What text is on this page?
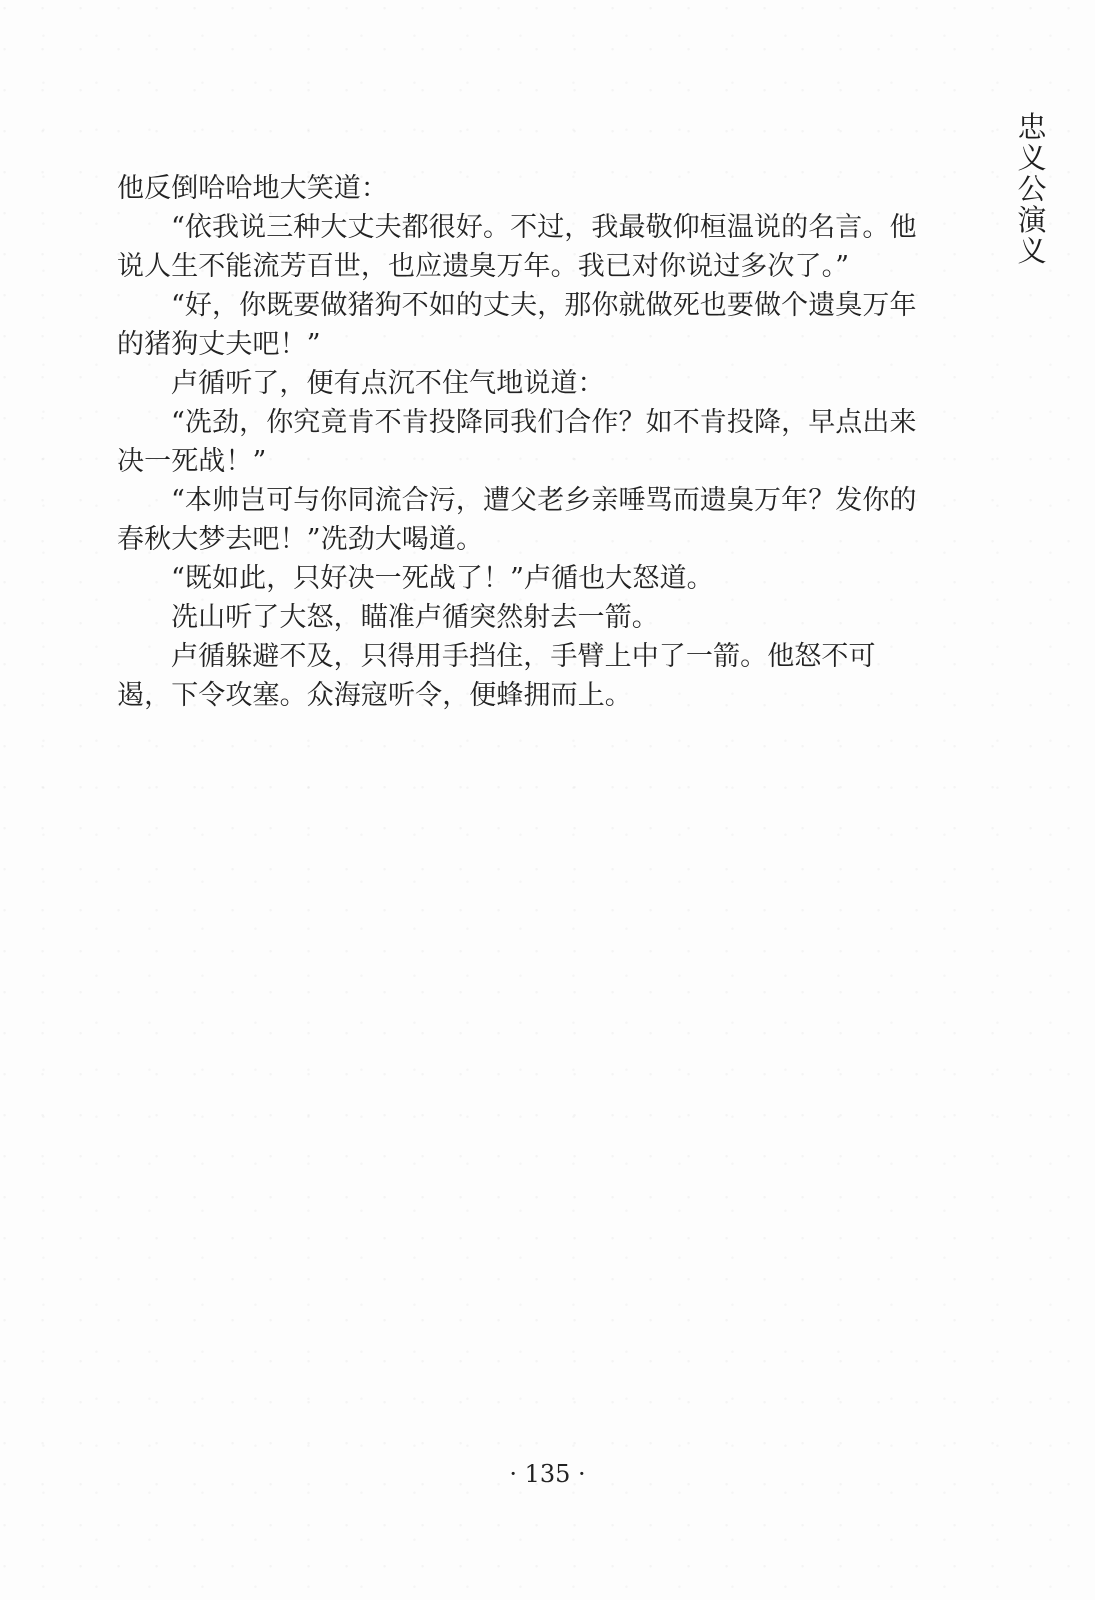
忠
义
公
演
义

他反倒哈哈地大笑道：

“依我说三种大丈夫都很好。不过，我最敬仰桓温说的名言。他说人生不能流芳百世，也应遗臭万年。我已对你说过多次了。”

“好，你既要做猪狗不如的丈夫，那你就做死也要做个遗臭万年的猪狗丈夫吧！”

卢循听了，便有点沉不住气地说道：

“冼劲，你究竟肯不肯投降同我们合作？如不肯投降，早点出来决一死战！”

“本帅岂可与你同流合污，遭父老乡亲唾骂而遗臭万年？发你的春秋大梦去吧！”冼劲大喝道。

“既如此，只好决一死战了！”卢循也大怒道。

冼山听了大怒，瞄准卢循突然射去一箭。

卢循躲避不及，只得用手挡住，手臂上中了一箭。他怒不可遏，下令攻塞。众海寇听令，便蜂拥而上。

· 135 ·
